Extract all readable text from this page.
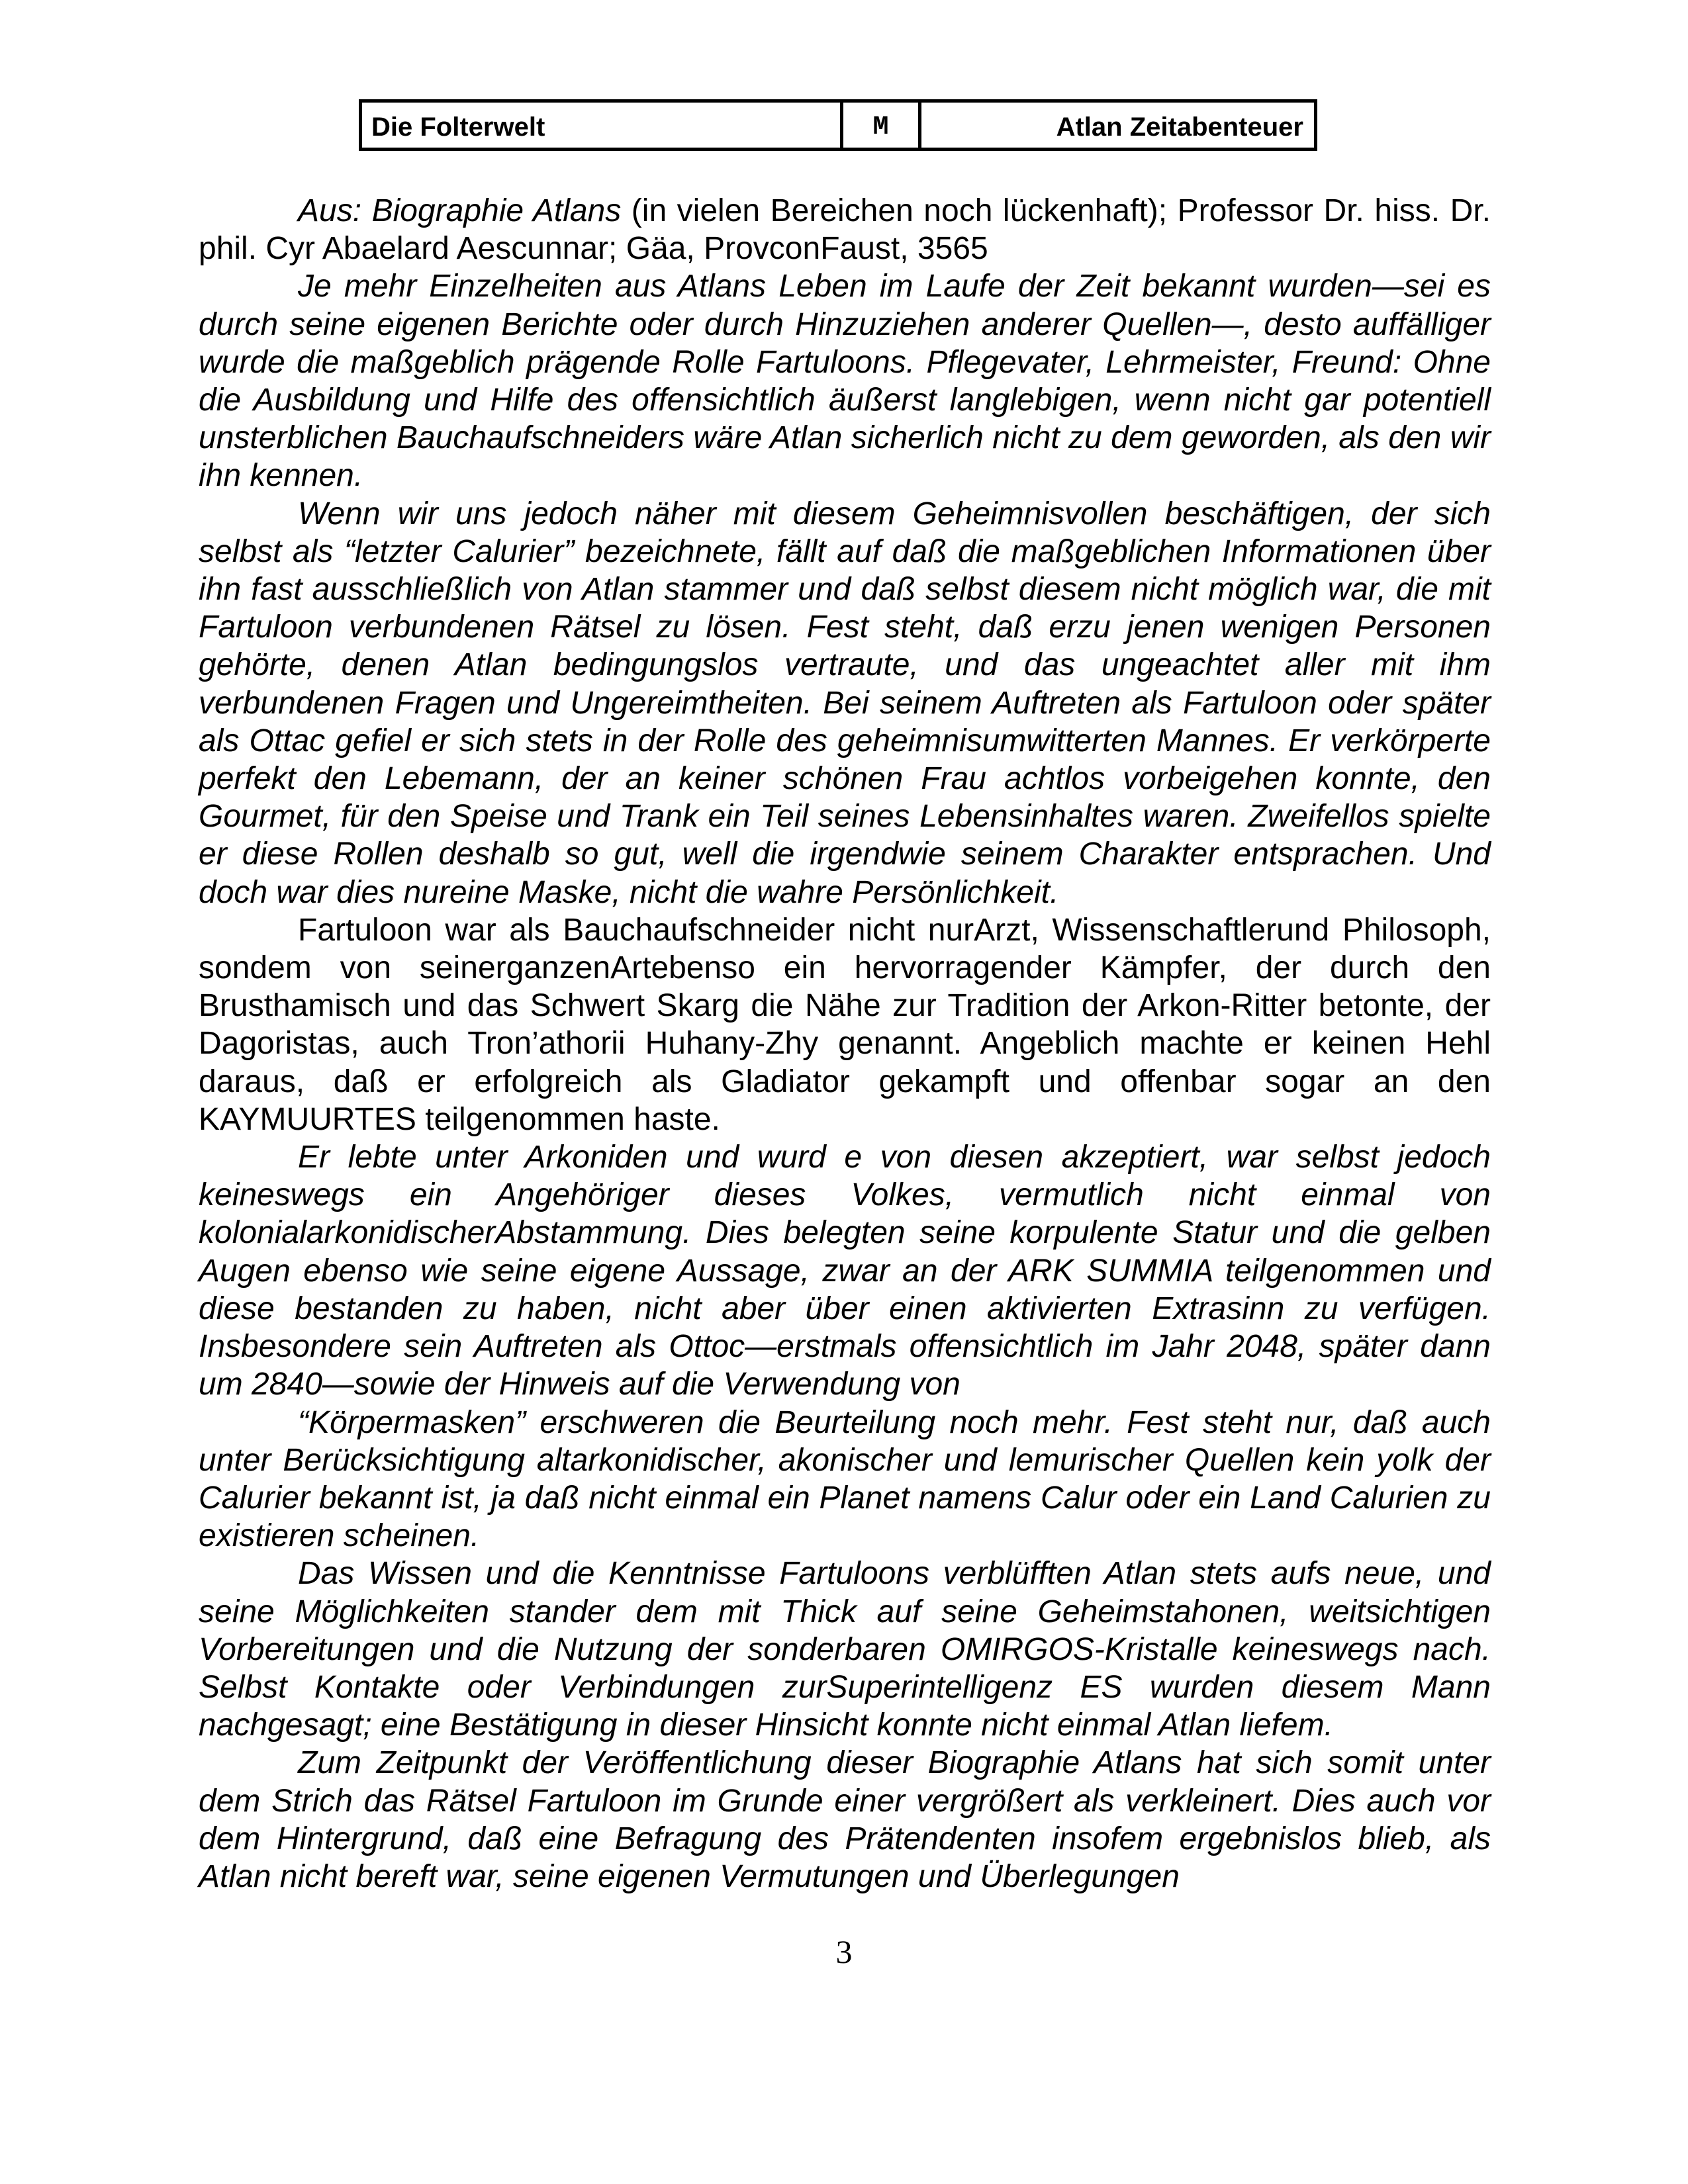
Die Folterwelt	M	Atlan Zeitabenteuer

Aus: Biographie Atlans (in vielen Bereichen noch lückenhaft); Professor Dr. hiss. Dr. phil. Cyr Abaelard Aescunnar; Gäa, ProvconFaust, 3565

Je mehr Einzelheiten aus Atlans Leben im Laufe der Zeit bekannt wurden—sei es durch seine eigenen Berichte oder durch Hinzuziehen anderer Quellen—, desto auffälliger wurde die maßgeblich prägende Rolle Fartuloons. Pflegevater, Lehrmeister, Freund: Ohne die Ausbildung und Hilfe des offensichtlich äußerst langlebigen, wenn nicht gar potentiell unsterblichen Bauchaufschneiders wäre Atlan sicherlich nicht zu dem geworden, als den wir ihn kennen.

Wenn wir uns jedoch näher mit diesem Geheimnisvollen beschäftigen, der sich selbst als “letzter Calurier” bezeichnete, fällt auf daß die maßgeblichen Informationen über ihn fast ausschließlich von Atlan stammer und daß selbst diesem nicht möglich war, die mit Fartuloon verbundenen Rätsel zu lösen. Fest steht, daß erzu jenen wenigen Personen gehörte, denen Atlan bedingungslos vertraute, und das ungeachtet aller mit ihm verbundenen Fragen und Ungereimtheiten. Bei seinem Auftreten als Fartuloon oder später als Ottac gefiel er sich stets in der Rolle des geheimnisumwitterten Mannes. Er verkörperte perfekt den Lebemann, der an keiner schönen Frau achtlos vorbeigehen konnte, den Gourmet, für den Speise und Trank ein Teil seines Lebensinhaltes waren. Zweifellos spielte er diese Rollen deshalb so gut, well die irgendwie seinem Charakter entsprachen. Und doch war dies nureine Maske, nicht die wahre Persönlichkeit.

Fartuloon war als Bauchaufschneider nicht nurArzt, Wissenschaftlerund Philosoph, sondem von seinerganzenArtebenso ein hervorragender Kämpfer, der durch den Brusthamisch und das Schwert Skarg die Nähe zur Tradition der Arkon-Ritter betonte, der Dagoristas, auch Tron’athorii Huhany-Zhy genannt. Angeblich machte er keinen Hehl daraus, daß er erfolgreich als Gladiator gekampft und offenbar sogar an den KAYMUURTES teilgenommen haste.

Er lebte unter Arkoniden und wurd e von diesen akzeptiert, war selbst jedoch keineswegs ein Angehöriger dieses Volkes, vermutlich nicht einmal von kolonialarkonidischerAbstammung. Dies belegten seine korpulente Statur und die gelben Augen ebenso wie seine eigene Aussage, zwar an der ARK SUMMIA teilgenommen und diese bestanden zu haben, nicht aber über einen aktivierten Extrasinn zu verfügen. Insbesondere sein Auftreten als Ottoc—erstmals offensichtlich im Jahr 2048, später dann um 2840—sowie der Hinweis auf die Verwendung von

“Körpermasken” erschweren die Beurteilung noch mehr. Fest steht nur, daß auch unter Berücksichtigung altarkonidischer, akonischer und lemurischer Quellen kein yolk der Calurier bekannt ist, ja daß nicht einmal ein Planet namens Calur oder ein Land Calurien zu existieren scheinen.

Das Wissen und die Kenntnisse Fartuloons verblüfften Atlan stets aufs neue, und seine Möglichkeiten stander dem mit Thick auf seine Geheimstahonen, weitsichtigen Vorbereitungen und die Nutzung der sonderbaren OMIRGOS-Kristalle keineswegs nach. Selbst Kontakte oder Verbindungen zurSuperintelligenz ES wurden diesem Mann nachgesagt; eine Bestätigung in dieser Hinsicht konnte nicht einmal Atlan liefem.

Zum Zeitpunkt der Veröffentlichung dieser Biographie Atlans hat sich somit unter dem Strich das Rätsel Fartuloon im Grunde einer vergrößert als verkleinert. Dies auch vor dem Hintergrund, daß eine Befragung des Prätendenten insofem ergebnislos blieb, als Atlan nicht bereft war, seine eigenen Vermutungen und Überlegungen

3
